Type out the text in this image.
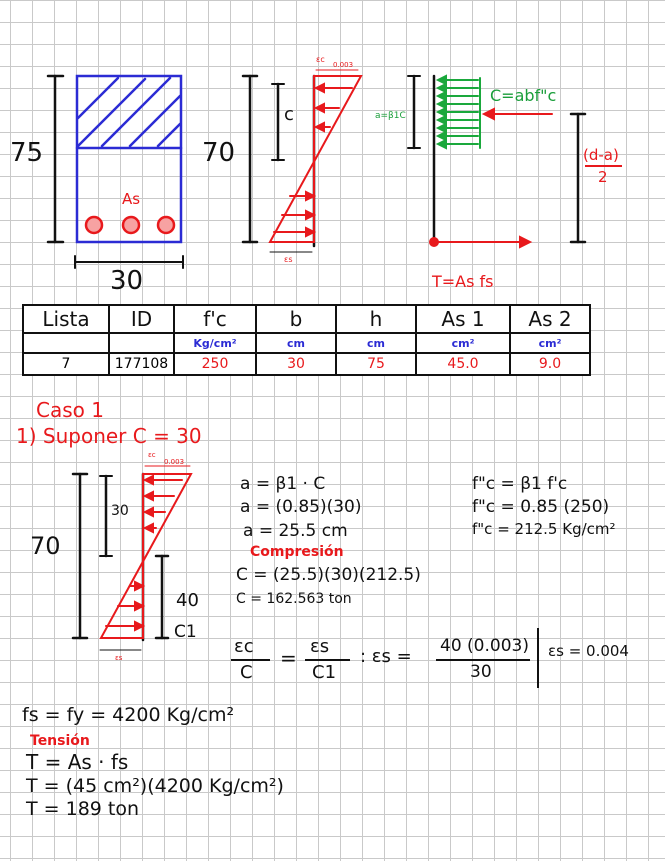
75
30
As
70
c
εc
0.003
εs
a=β1C
C=abf"c
(d-a)
2
T=As fs
Lista	ID	f'c	b	h	As 1	As 2
		Kg/cm²	cm	cm	cm²	cm²
7	177108	250	30	75	45.0	9.0
Caso 1
1) Suponer C = 30
εc
0.003
70
30
40
C1
εs
a = β1 · C
a = (0.85)(30)
a = 25.5 cm
f"c = β1 f'c
f"c = 0.85 (250)
f"c = 212.5 Kg/cm²
Compresión
C = (25.5)(30)(212.5)
C = 162.563 ton
εc
C
= εs
C1
: εs = 40 (0.003)
30
εs = 0.004
fs = fy = 4200 Kg/cm²
Tensión
T = As · fs
T = (45 cm²)(4200 Kg/cm²)
T = 189 ton
